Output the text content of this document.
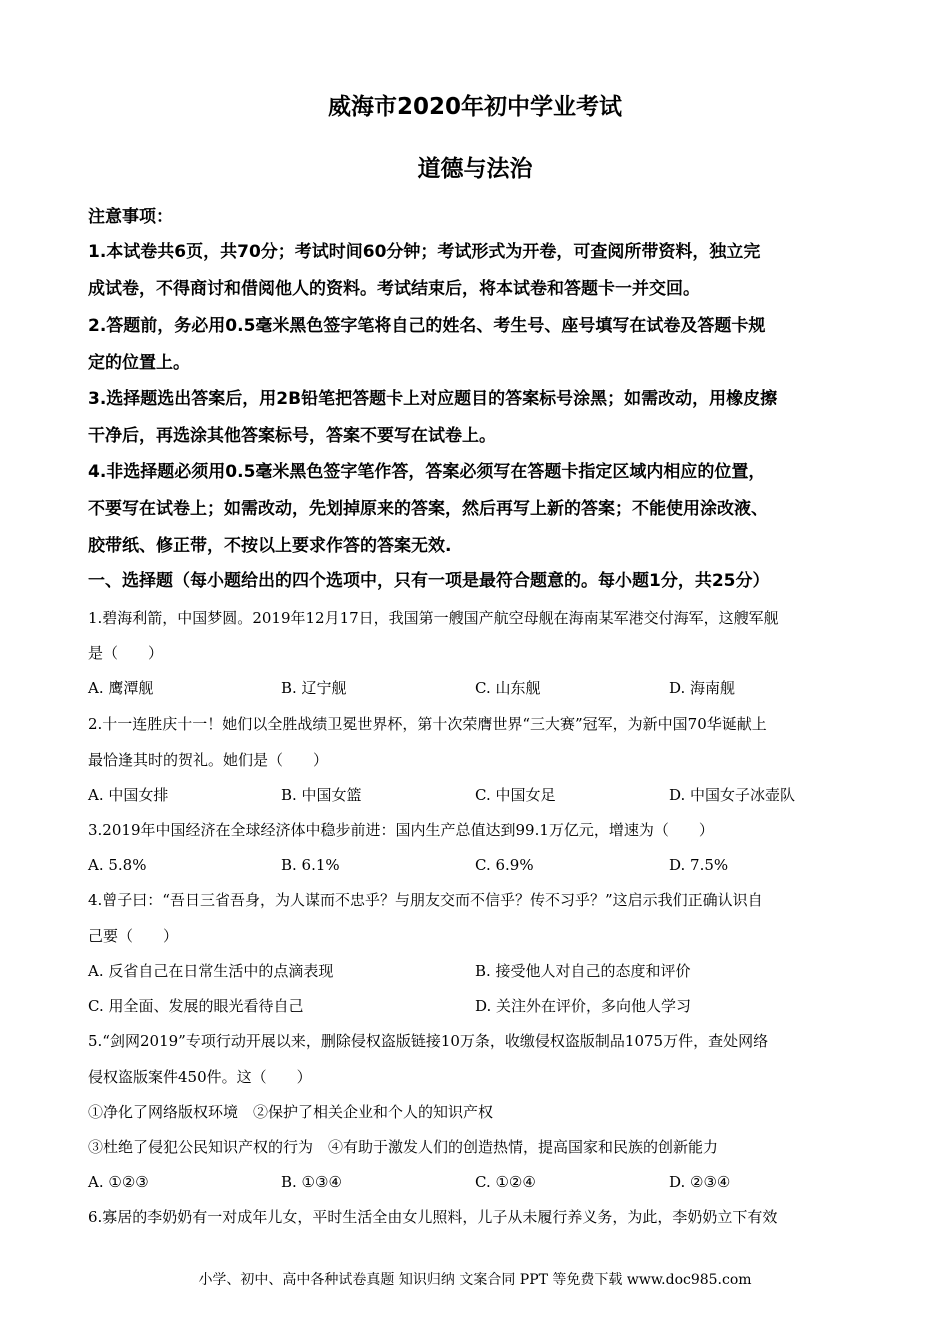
威海市2020年初中学业考试
道德与法治
注意事项：
1.本试卷共6页，共70分；考试时间60分钟；考试形式为开卷，可查阅所带资料，独立完
成试卷，不得商讨和借阅他人的资料。考试结束后，将本试卷和答题卡一并交回。
2.答题前，务必用0.5毫米黑色签字笔将自己的姓名、考生号、座号填写在试卷及答题卡规
定的位置上。
3.选择题选出答案后，用2B铅笔把答题卡上对应题目的答案标号涂黑；如需改动，用橡皮擦
干净后，再选涂其他答案标号，答案不要写在试卷上。
4.非选择题必须用0.5毫米黑色签字笔作答，答案必须写在答题卡指定区域内相应的位置，
不要写在试卷上；如需改动，先划掉原来的答案，然后再写上新的答案；不能使用涂改液、
胶带纸、修正带，不按以上要求作答的答案无效.
一、选择题（每小题给出的四个选项中，只有一项是最符合题意的。每小题1分，共25分）
1.碧海利箭，中国梦圆。2019年12月17日，我国第一艘国产航空母舰在海南某军港交付海军，这艘军舰
是（　　）
A. 鹰潭舰	B. 辽宁舰	C. 山东舰	D. 海南舰
2.十一连胜庆十一！她们以全胜战绩卫冕世界杯，第十次荣膺世界“三大赛”冠军，为新中国70华诞献上
最恰逢其时的贺礼。她们是（　　）
A. 中国女排	B. 中国女篮	C. 中国女足	D. 中国女子冰壶队
3.2019年中国经济在全球经济体中稳步前进：国内生产总值达到99.1万亿元，增速为（　　）
A. 5.8%	B. 6.1%	C. 6.9%	D. 7.5%
4.曾子曰：“吾日三省吾身，为人谋而不忠乎？与朋友交而不信乎？传不习乎？”这启示我们正确认识自
己要（　　）
A. 反省自己在日常生活中的点滴表现	B. 接受他人对自己的态度和评价
C. 用全面、发展的眼光看待自己	D. 关注外在评价，多向他人学习
5.“剑网2019”专项行动开展以来，删除侵权盗版链接10万条，收缴侵权盗版制品1075万件，查处网络
侵权盗版案件450件。这（　　）
①净化了网络版权环境　②保护了相关企业和个人的知识产权
③杜绝了侵犯公民知识产权的行为　④有助于激发人们的创造热情，提高国家和民族的创新能力
A. ①②③	B. ①③④	C. ①②④	D. ②③④
6.寡居的李奶奶有一对成年儿女，平时生活全由女儿照料，儿子从未履行养义务，为此，李奶奶立下有效
小学、初中、高中各种试卷真题 知识归纳 文案合同 PPT 等免费下载 www.doc985.com
